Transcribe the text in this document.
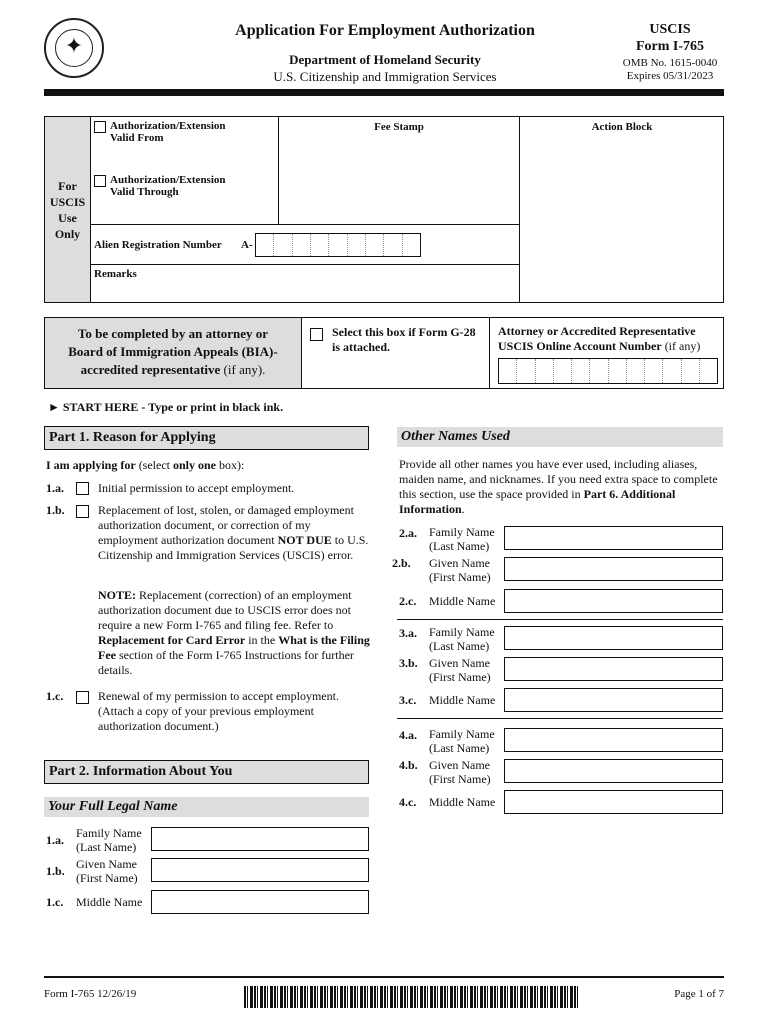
✦
Application For Employment Authorization
Department of Homeland Security
U.S. Citizenship and Immigration Services
USCIS
Form I-765
OMB No. 1615-0040
Expires 05/31/2023
For
USCIS
Use
Only
Authorization/Extension
Valid From
Authorization/Extension
Valid Through
Fee Stamp	Action Block
Alien Registration Number A-
Remarks
To be completed by an attorney or
Board of Immigration Appeals (BIA)-
accredited representative (if any).
Select this box if Form G-28 is attached.
Attorney or Accredited Representative USCIS Online Account Number (if any)
► START HERE - Type or print in black ink.
Part 1. Reason for Applying
I am applying for (select only one box):
1.a.	Initial permission to accept employment.
1.b.	Replacement of lost, stolen, or damaged employment authorization document, or correction of my employment authorization document NOT DUE to U.S. Citizenship and Immigration Services (USCIS) error.
NOTE: Replacement (correction) of an employment authorization document due to USCIS error does not require a new Form I-765 and filing fee. Refer to Replacement for Card Error in the What is the Filing Fee section of the Form I-765 Instructions for further details.
1.c.	Renewal of my permission to accept employment. (Attach a copy of your previous employment authorization document.)
Part 2. Information About You
Your Full Legal Name
1.a. Family Name
(Last Name)
1.b. Given Name
(First Name)
1.c. Middle Name
Other Names Used
Provide all other names you have ever used, including aliases, maiden name, and nicknames. If you need extra space to complete this section, use the space provided in Part 6. Additional Information.
2.a. Family Name
(Last Name)
2.b. Given Name
(First Name)
2.c. Middle Name
3.a. Family Name
(Last Name)
3.b. Given Name
(First Name)
3.c. Middle Name
4.a. Family Name
(Last Name)
4.b. Given Name
(First Name)
4.c. Middle Name
Form I-765 12/26/19	Page 1 of 7
